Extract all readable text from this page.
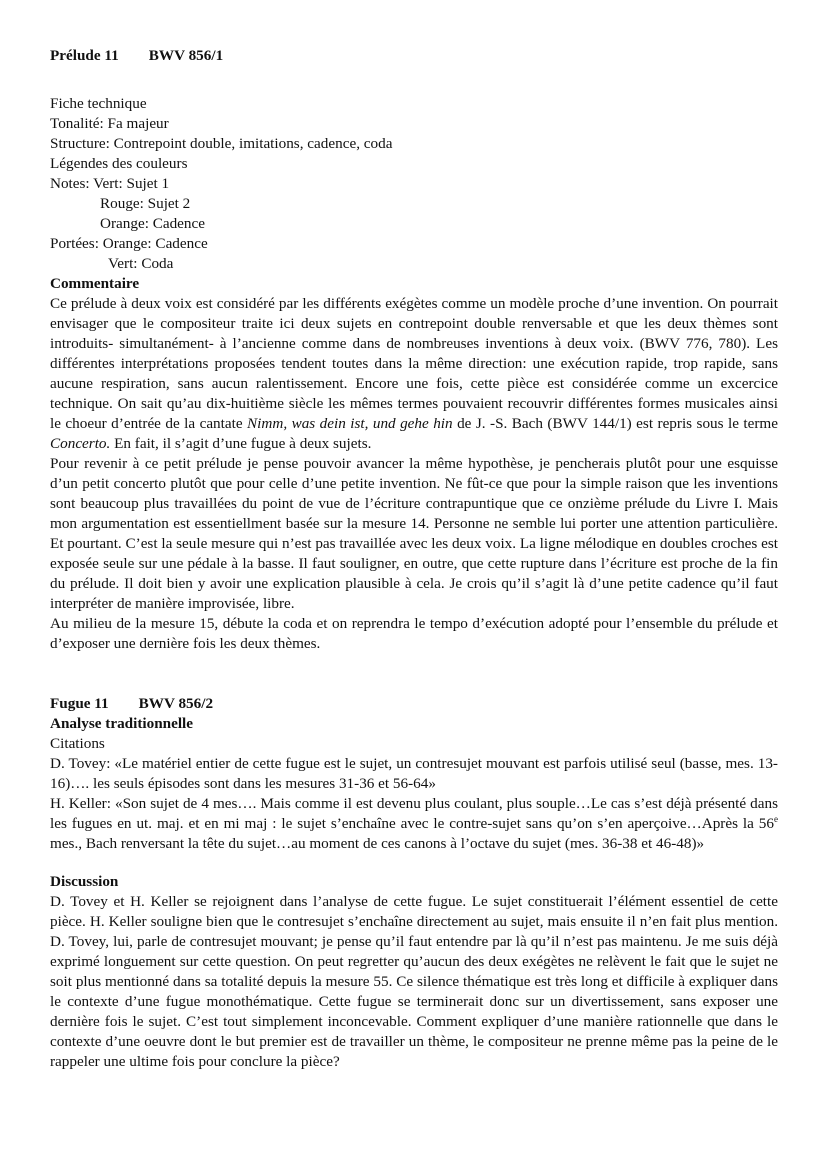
Prélude 11 BWV 856/1
Fiche technique
Tonalité: Fa majeur
Structure: Contrepoint double, imitations, cadence, coda
Légendes des couleurs
Notes: Vert: Sujet 1
Rouge: Sujet 2
Orange: Cadence
Portées: Orange: Cadence
Vert: Coda
Commentaire
Ce prélude à deux voix est considéré par les différents exégètes comme un modèle proche d’une invention. On pourrait envisager que le compositeur traite ici deux sujets en contrepoint double renversable et que les deux thèmes sont introduits- simultanément- à l’ancienne comme dans de nombreuses inventions à deux voix. (BWV 776, 780). Les différentes interprétations proposées tendent toutes dans la même direction: une exécution rapide, trop rapide, sans aucune respiration, sans aucun ralentissement. Encore une fois, cette pièce est considérée comme un excercice technique. On sait qu’au dix-huitième siècle les mêmes termes pouvaient recouvrir différentes formes musicales ainsi le choeur d’entrée de la cantate Nimm, was dein ist, und gehe hin de J. -S. Bach (BWV 144/1) est repris sous le terme Concerto. En fait, il s’agit d’une fugue à deux sujets.
Pour revenir à ce petit prélude je pense pouvoir avancer la même hypothèse, je pencherais plutôt pour une esquisse d’un petit concerto plutôt que pour celle d’une petite invention. Ne fût-ce que pour la simple raison que les inventions sont beaucoup plus travaillées du point de vue de l’écriture contrapuntique que ce onzième prélude du Livre I. Mais mon argumentation est essentiellment basée sur la mesure 14. Personne ne semble lui porter une attention particulière. Et pourtant. C’est la seule mesure qui n’est pas travaillée avec les deux voix. La ligne mélodique en doubles croches est exposée seule sur une pédale à la basse. Il faut souligner, en outre, que cette rupture dans l’écriture est proche de la fin du prélude. Il doit bien y avoir une explication plausible à cela. Je crois qu’il s’agit là d’une petite cadence qu’il faut interpréter de manière improvisée, libre.
Au milieu de la mesure 15, débute la coda et on reprendra le tempo d’exécution adopté pour l’ensemble du prélude et d’exposer une dernière fois les deux thèmes.
Fugue 11 BWV 856/2
Analyse traditionnelle
Citations
D. Tovey: «Le matériel entier de cette fugue est le sujet, un contresujet mouvant est parfois utilisé seul (basse, mes. 13-16)…. les seuls épisodes sont dans les mesures 31-36 et 56-64»
H. Keller: «Son sujet de 4 mes…. Mais comme il est devenu plus coulant, plus souple…Le cas s’est déjà présenté dans les fugues en ut. maj. et en mi maj : le sujet s’enchaîne avec le contre-sujet sans qu’on s’en aperçoive…Après la 56e mes., Bach renversant la tête du sujet…au moment de ces canons à l’octave du sujet (mes. 36-38 et 46-48)»
Discussion
D. Tovey et H. Keller se rejoignent dans l’analyse de cette fugue. Le sujet constituerait l’élément essentiel de cette pièce. H. Keller souligne bien que le contresujet s’enchaîne directement au sujet, mais ensuite il n’en fait plus mention. D. Tovey, lui, parle de contresujet mouvant; je pense qu’il faut entendre par là qu’il n’est pas maintenu. Je me suis déjà exprimé longuement sur cette question. On peut regretter qu’aucun des deux exégètes ne relèvent le fait que le sujet ne soit plus mentionné dans sa totalité depuis la mesure 55. Ce silence thématique est très long et difficile à expliquer dans le contexte d’une fugue monothématique. Cette fugue se terminerait donc sur un divertissement, sans exposer une dernière fois le sujet. C’est tout simplement inconcevable. Comment expliquer d’une manière rationnelle que dans le contexte d’une oeuvre dont le but premier est de travailler un thème, le compositeur ne prenne même pas la peine de le rappeler une ultime fois pour conclure la pièce?
